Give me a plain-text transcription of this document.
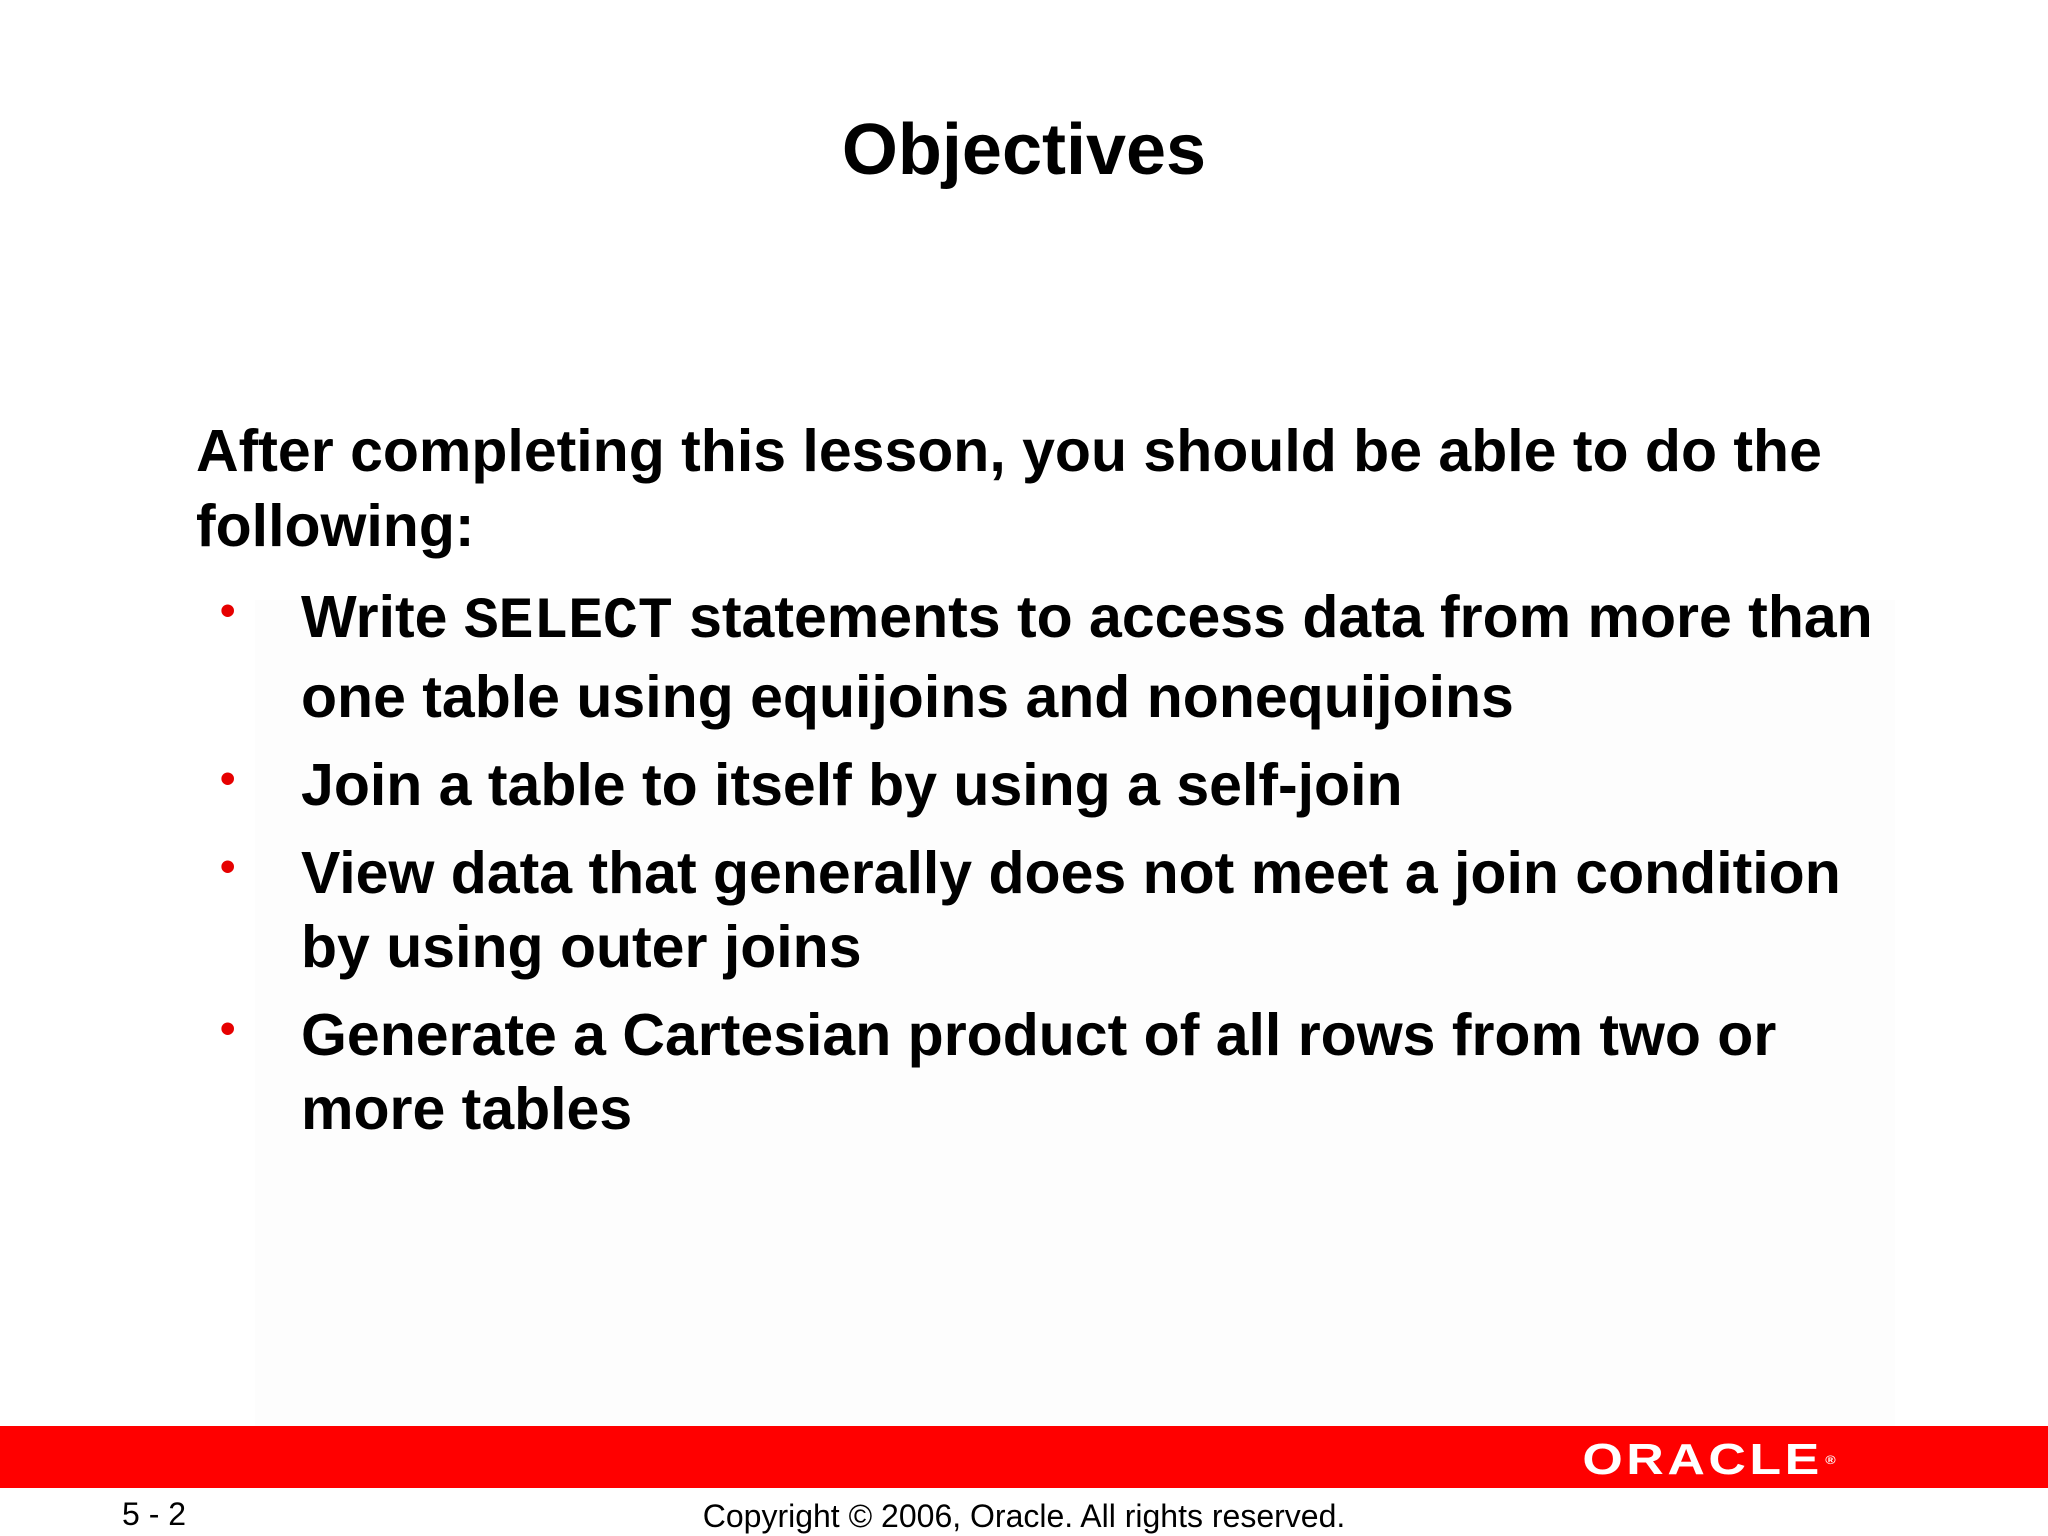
Objectives

After completing this lesson, you should be able to do the following:

• Write SELECT statements to access data from more than one table using equijoins and nonequijoins
• Join a table to itself by using a self-join
• View data that generally does not meet a join condition by using outer joins
• Generate a Cartesian product of all rows from two or more tables
ORACLE ®
5 - 2	Copyright © 2006, Oracle. All rights reserved.
